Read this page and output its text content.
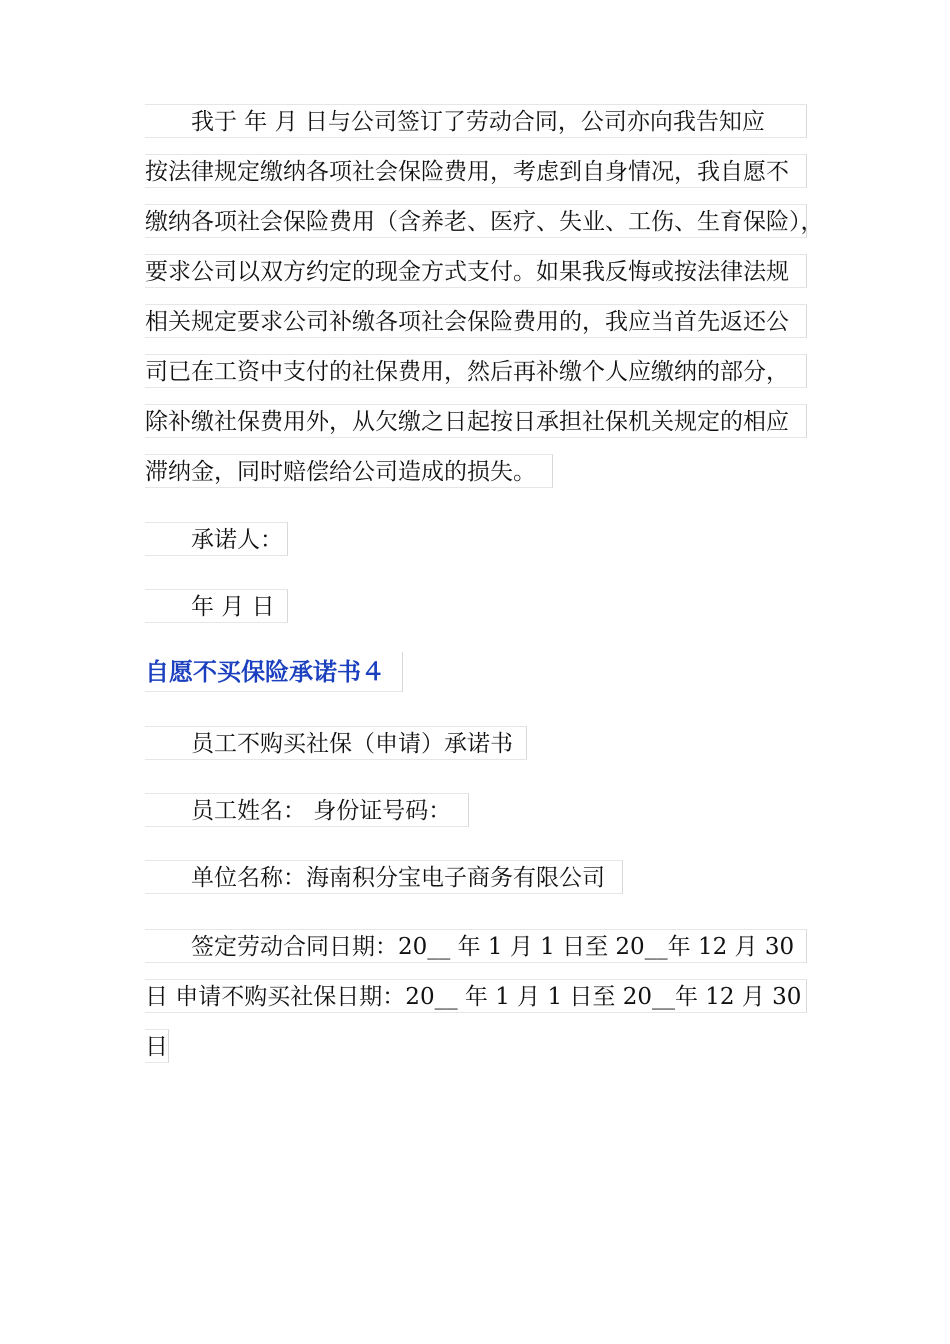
我于 年 月 日与公司签订了劳动合同，公司亦向我告知应
按法律规定缴纳各项社会保险费用，考虑到自身情况，我自愿不
缴纳各项社会保险费用（含养老、医疗、失业、工伤、生育保险），
要求公司以双方约定的现金方式支付。如果我反悔或按法律法规
相关规定要求公司补缴各项社会保险费用的，我应当首先返还公
司已在工资中支付的社保费用，然后再补缴个人应缴纳的部分，
除补缴社保费用外，从欠缴之日起按日承担社保机关规定的相应
滞纳金，同时赔偿给公司造成的损失。
承诺人：
年 月 日
自愿不买保险承诺书４
员工不购买社保（申请）承诺书
员工姓名： 身份证号码：
单位名称：海南积分宝电子商务有限公司
签定劳动合同日期：20__ 年 1 月 1 日至 20__年 12 月 30
日 申请不购买社保日期：20__ 年 1 月 1 日至 20__年 12 月 30
日
